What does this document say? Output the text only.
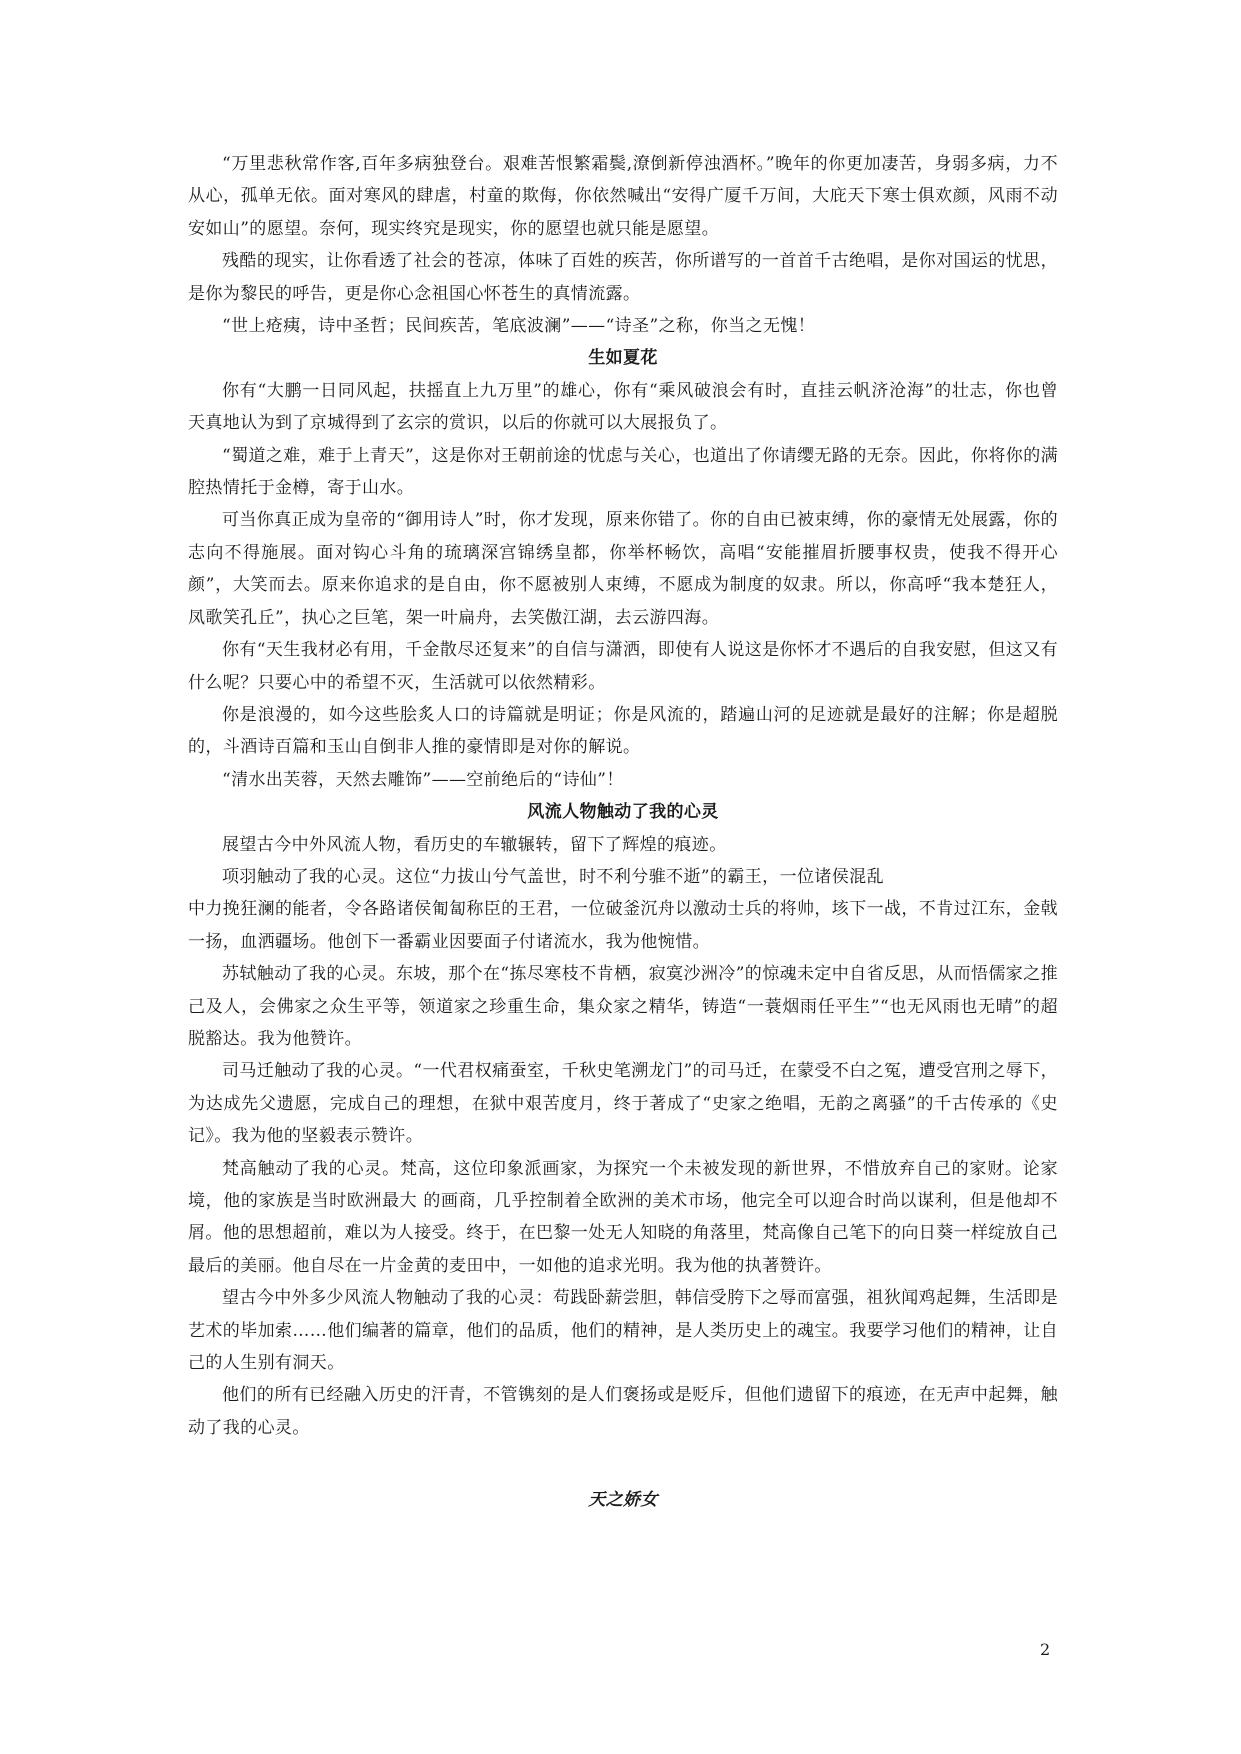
“万里悲秋常作客,百年多病独登台。艰难苦恨繁霜鬓,潦倒新停浊酒杯。”晚年的你更加凄苦，身弱多病，力不从心，孤单无依。面对寒风的肆虐，村童的欺侮，你依然喊出“安得广厦千万间，大庇天下寒士俱欢颜，风雨不动安如山”的愿望。奈何，现实终究是现实，你的愿望也就只能是愿望。

残酷的现实，让你看透了社会的苍凉，体味了百姓的疾苦，你所谱写的一首首千古绝唱，是你对国运的忧思，是你为黎民的呼告，更是你心念祖国心怀苍生的真情流露。

“世上疮痍，诗中圣哲；民间疾苦，笔底波澜”——“诗圣”之称，你当之无愧！

生如夏花

你有“大鹏一日同风起，扶摇直上九万里”的雄心，你有“乘风破浪会有时，直挂云帆济沧海”的壮志，你也曾天真地认为到了京城得到了玄宗的赏识，以后的你就可以大展报负了。

“蜀道之难，难于上青天”，这是你对王朝前途的忧虑与关心，也道出了你请缨无路的无奈。因此，你将你的满腔热情托于金樽，寄于山水。

可当你真正成为皇帝的“御用诗人”时，你才发现，原来你错了。你的自由已被束缚，你的豪情无处展露，你的志向不得施展。面对钩心斗角的琉璃深宫锦绣皇都，你举杯畅饮，高唱“安能摧眉折腰事权贵，使我不得开心颜”，大笑而去。原来你追求的是自由，你不愿被别人束缚，不愿成为制度的奴隶。所以，你高呼“我本楚狂人，凤歌笑孔丘”，执心之巨笔，架一叶扁舟，去笑傲江湖，去云游四海。

你有“天生我材必有用，千金散尽还复来”的自信与潇洒，即使有人说这是你怀才不遇后的自我安慰，但这又有什么呢？只要心中的希望不灭，生活就可以依然精彩。

你是浪漫的，如今这些脍炙人口的诗篇就是明证；你是风流的，踏遍山河的足迹就是最好的注解；你是超脱的，斗酒诗百篇和玉山自倒非人推的豪情即是对你的解说。

“清水出芙蓉，天然去雕饰”——空前绝后的“诗仙”！

风流人物触动了我的心灵

展望古今中外风流人物，看历史的车辙辗转，留下了辉煌的痕迹。

项羽触动了我的心灵。这位“力拔山兮气盖世，时不利兮骓不逝”的霸王，一位诸侯混乱

中力挽狂澜的能者，令各路诸侯匍匐称臣的王君，一位破釜沉舟以激动士兵的将帅，垓下一战，不肯过江东，金戟一扬，血洒疆场。他创下一番霸业因要面子付诸流水，我为他惋惜。

苏轼触动了我的心灵。东坡，那个在“拣尽寒枝不肯栖，寂寞沙洲冷”的惊魂未定中自省反思，从而悟儒家之推己及人，会佛家之众生平等，领道家之珍重生命，集众家之精华，铸造“一蓑烟雨任平生”“也无风雨也无晴”的超脱豁达。我为他赞许。

司马迁触动了我的心灵。“一代君权痛蚕室，千秋史笔溯龙门”的司马迁，在蒙受不白之冤，遭受宫刑之辱下，为达成先父遗愿，完成自己的理想，在狱中艰苦度月，终于著成了“史家之绝唱，无韵之离骚”的千古传承的《史记》。我为他的坚毅表示赞许。

梵高触动了我的心灵。梵高，这位印象派画家，为探究一个未被发现的新世界，不惜放弃自己的家财。论家境，他的家族是当时欧洲最大 的画商，几乎控制着全欧洲的美术市场，他完全可以迎合时尚以谋利，但是他却不屑。他的思想超前，难以为人接受。终于，在巴黎一处无人知晓的角落里，梵高像自己笔下的向日葵一样绽放自己最后的美丽。他自尽在一片金黄的麦田中，一如他的追求光明。我为他的执著赞许。

望古今中外多少风流人物触动了我的心灵：苟践卧薪尝胆，韩信受胯下之辱而富强，祖狄闻鸡起舞，生活即是艺术的毕加索……他们编著的篇章，他们的品质，他们的精神，是人类历史上的魂宝。我要学习他们的精神，让自己的人生别有洞天。

他们的所有已经融入历史的汗青，不管镌刻的是人们褒扬或是贬斥，但他们遗留下的痕迹，在无声中起舞，触动了我的心灵。

天之娇女
2
